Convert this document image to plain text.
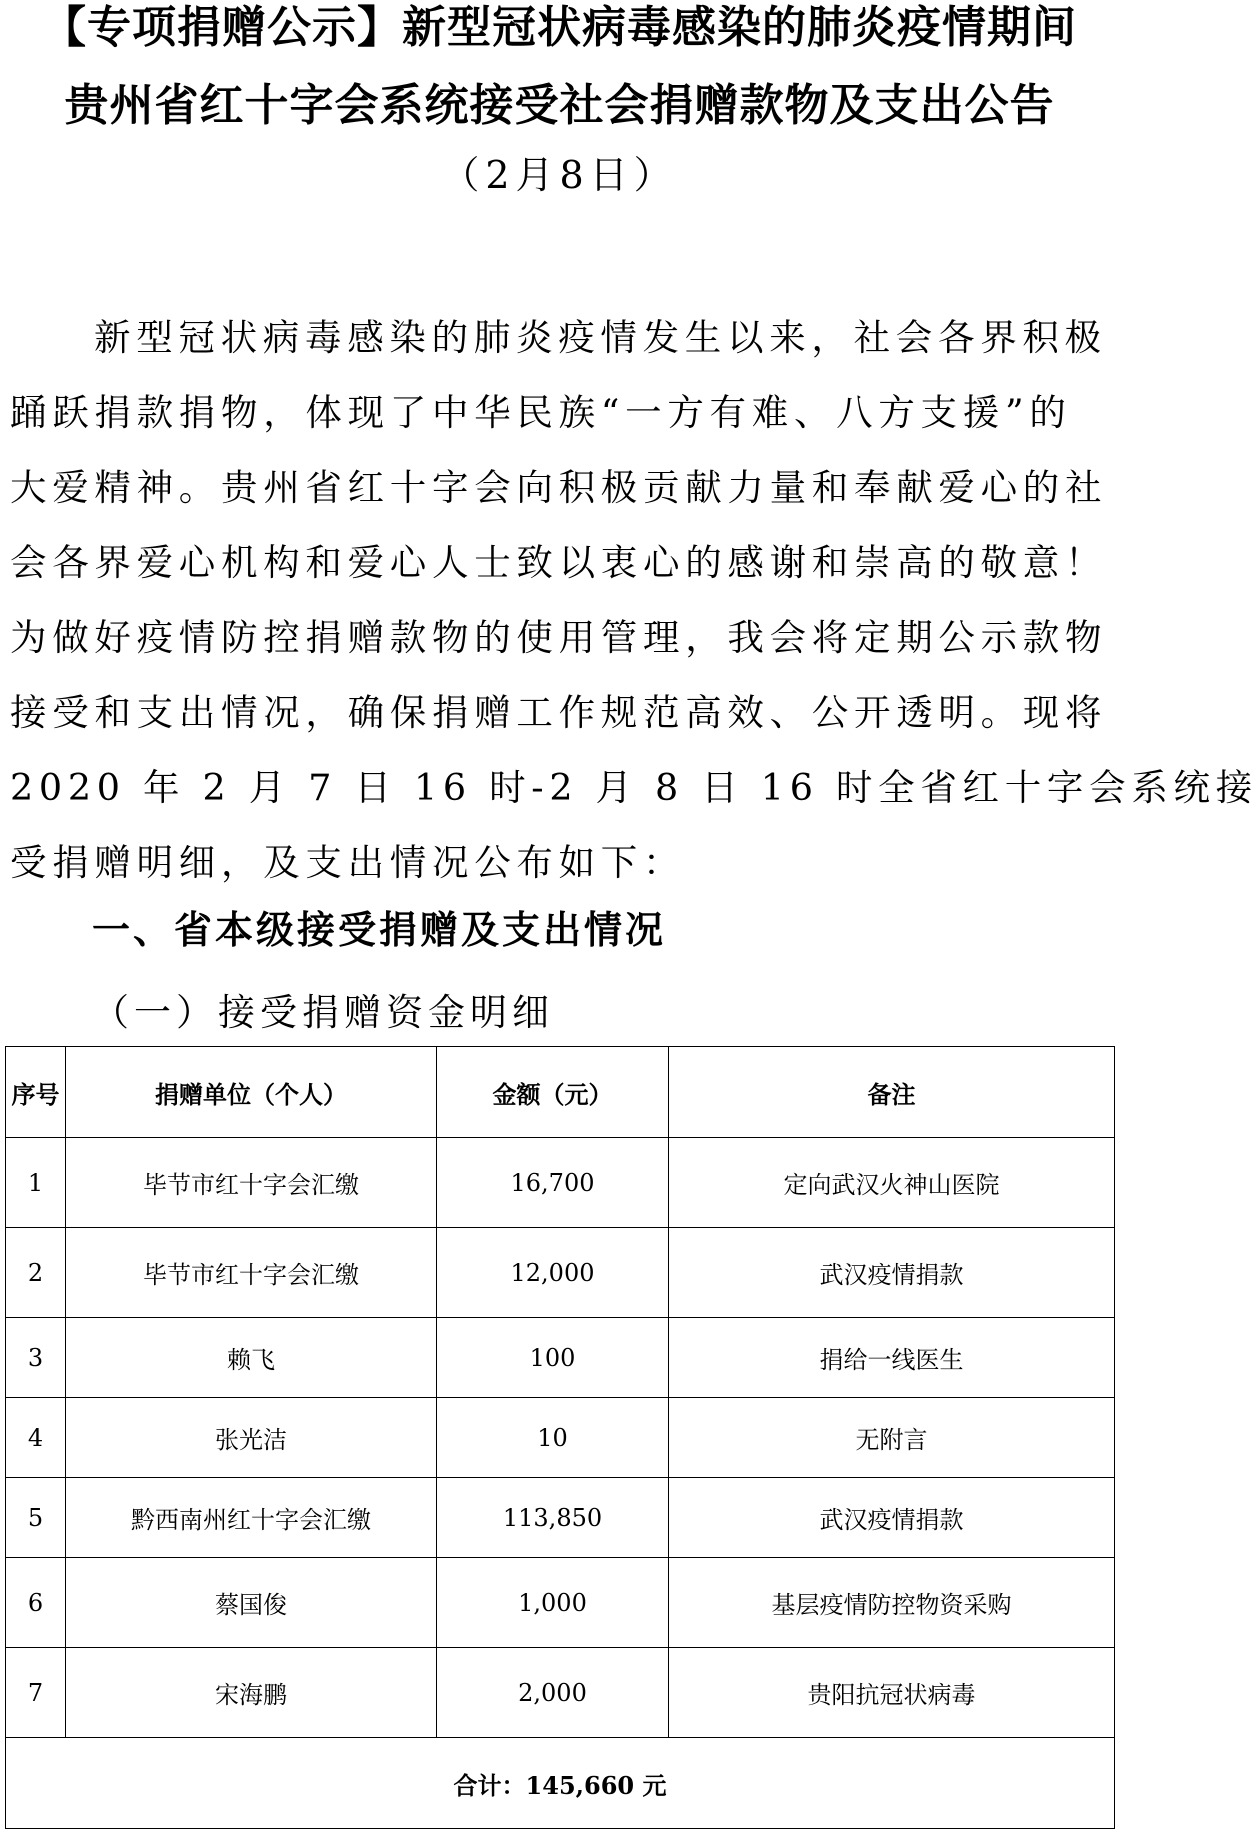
【专项捐赠公示】新型冠状病毒感染的肺炎疫情期间
贵州省红十字会系统接受社会捐赠款物及支出公告
（2月8日）
新型冠状病毒感染的肺炎疫情发生以来，社会各界积极
踊跃捐款捐物，体现了中华民族“一方有难、八方支援”的
大爱精神。贵州省红十字会向积极贡献力量和奉献爱心的社
会各界爱心机构和爱心人士致以衷心的感谢和崇高的敬意！
为做好疫情防控捐赠款物的使用管理，我会将定期公示款物
接受和支出情况，确保捐赠工作规范高效、公开透明。现将
2020 年 2 月 7 日 16 时-2 月 8 日 16 时全省红十字会系统接
受捐赠明细，及支出情况公布如下：
一、省本级接受捐赠及支出情况
（一）接受捐赠资金明细
序号	捐赠单位（个人）	金额（元）	备注
1	毕节市红十字会汇缴	16,700	定向武汉火神山医院
2	毕节市红十字会汇缴	12,000	武汉疫情捐款
3	赖飞	100	捐给一线医生
4	张光洁	10	无附言
5	黔西南州红十字会汇缴	113,850	武汉疫情捐款
6	蔡国俊	1,000	基层疫情防控物资采购
7	宋海鹏	2,000	贵阳抗冠状病毒
合计：145,660 元			
